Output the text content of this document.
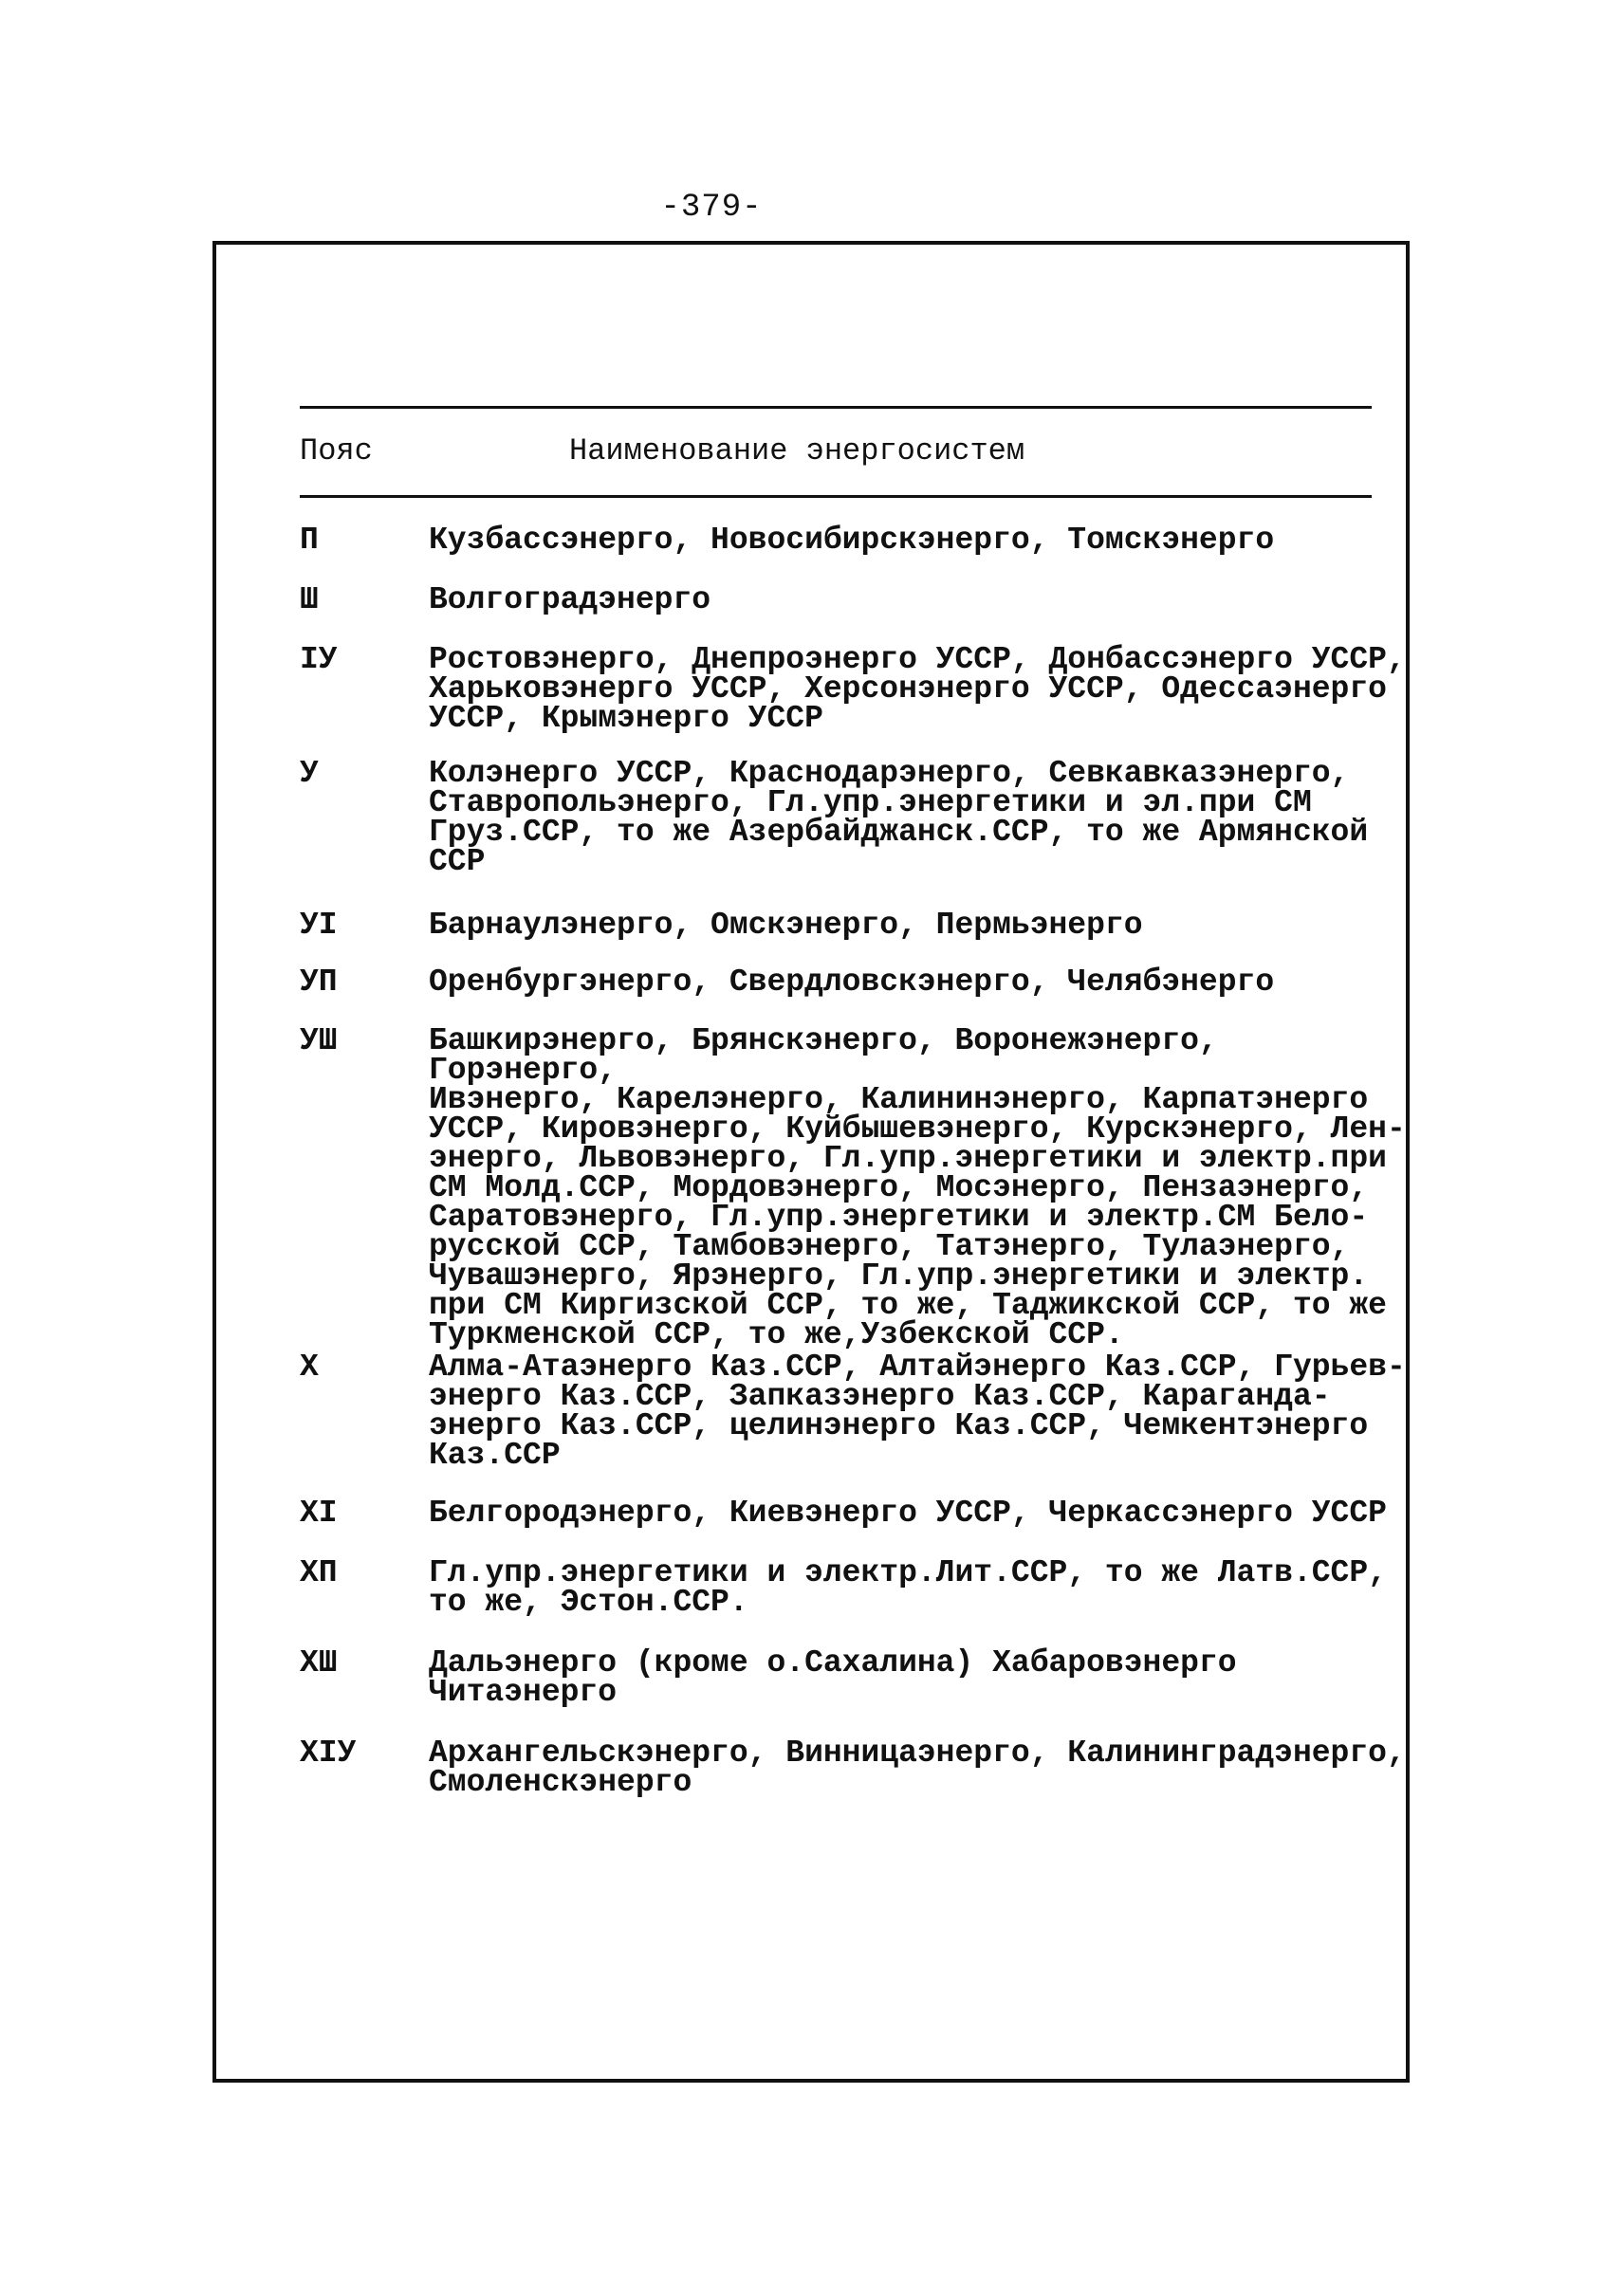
-379-
Пояс	Наименование энергосистем
П	Кузбассэнерго, Новосибирскэнерго, Томскэнерго
Ш	Волгоградэнерго
IУ	Ростовэнерго, Днепроэнерго УССР, Донбассэнерго УССР,
Харьковэнерго УССР, Херсонэнерго УССР, Одессаэнерго
УССР, Крымэнерго УССР
У	Колэнерго УССР, Краснодарэнерго, Севкавказэнерго,
Ставропольэнерго, Гл.упр.энергетики и эл.при СМ
Груз.ССР, то же Азербайджанск.ССР, то же Армянской
ССР
УI	Барнаулэнерго, Омскэнерго, Пермьэнерго
УП	Оренбургэнерго, Свердловскэнерго, Челябэнерго
УШ	Башкирэнерго, Брянскэнерго, Воронежэнерго, Горэнерго,
Ивэнерго, Карелэнерго, Калининэнерго, Карпатэнерго
УССР, Кировэнерго, Куйбышевэнерго, Курскэнерго, Лен-
энерго, Львовэнерго, Гл.упр.энергетики и электр.при
СМ Молд.ССР, Мордовэнерго, Мосэнерго, Пензаэнерго,
Саратовэнерго, Гл.упр.энергетики и электр.СМ Бело-
русской ССР, Тамбовэнерго, Татэнерго, Тулаэнерго,
Чувашэнерго, Ярэнерго, Гл.упр.энергетики и электр.
при СМ Киргизской ССР, то же, Таджикской ССР, то же
Туркменской ССР, то же,Узбекской ССР.
X	Алма-Атаэнерго Каз.ССР, Алтайэнерго Каз.ССР, Гурьев-
энерго Каз.ССР, Запказэнерго Каз.ССР, Караганда-
энерго Каз.ССР, целинэнерго Каз.ССР, Чемкентэнерго
Каз.ССР
XI	Белгородэнерго, Киевэнерго УССР, Черкассэнерго УССР
XП	Гл.упр.энергетики и электр.Лит.ССР, то же Латв.ССР,
то же, Эстон.ССР.
XШ	Дальэнерго (кроме о.Сахалина) Хабаровэнерго
Читаэнерго
XIУ	Архангельскэнерго, Винницаэнерго, Калининградэнерго,
Смоленскэнерго
